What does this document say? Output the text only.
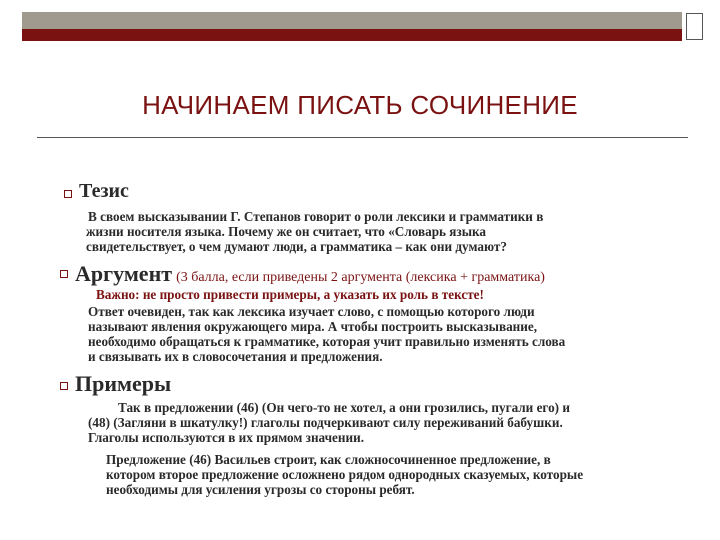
НАЧИНАЕМ ПИСАТЬ СОЧИНЕНИЕ
Тезис
В своем высказывании Г. Степанов говорит о роли лексики и грамматики в
жизни носителя языка. Почему же он считает, что «Словарь языка
свидетельствует, о чем думают люди, а грамматика – как они думают?
Аргумент (3 балла, если приведены 2 аргумента (лексика + грамматика)
Важно: не просто привести примеры, а указать их роль в тексте!
Ответ очевиден, так как лексика изучает слово, с помощью которого люди
называют явления окружающего мира. А чтобы построить высказывание,
необходимо обращаться к грамматике, которая учит правильно изменять слова
и связывать их в словосочетания и предложения.
Примеры
Так в предложении (46) (Он чего-то не хотел, а они грозились, пугали его) и
(48) (Загляни в шкатулку!) глаголы подчеркивают силу переживаний бабушки.
Глаголы используются в их прямом значении.
Предложение (46) Васильев строит, как сложносочиненное предложение, в
котором второе предложение осложнено рядом однородных сказуемых, которые
необходимы для усиления угрозы со стороны ребят.
